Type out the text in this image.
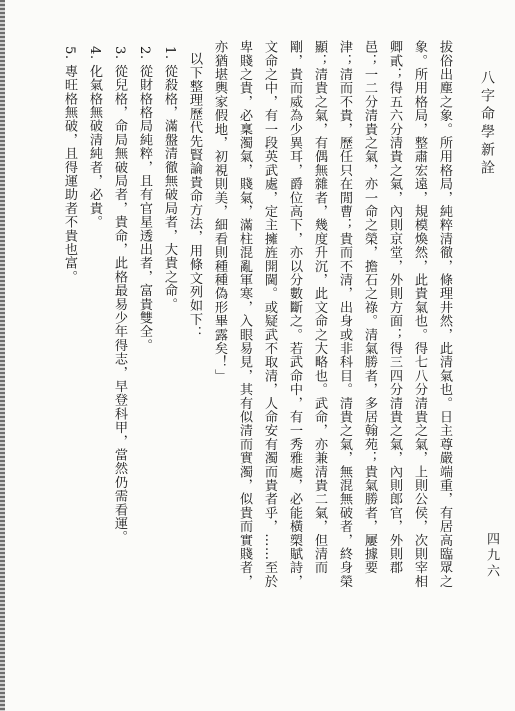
八字命學新詮
四九六

拔俗出塵之象。所用格局，純粹清徹，條理井然，此清氣也。日主尊嚴端重，有居高臨眾之

象。所用格局，整肅宏遠，規模煥然，此貴氣也。得七八分清貴之氣，上則公侯，次則宰相

卿貳；得五六分清貴之氣，內則京堂，外則方面；得三四分清貴之氣，內則郎官，外則郡

邑；一二分清貴之氣，亦一命之榮，擔石之祿。清氣勝者，多居翰苑；貴氣勝者，屢據要

津；清而不貴，歷任只在閒曹；貴而不清，出身或非科目。清貴之氣，無混無破者，終身榮

顯；清貴之氣，有偶無雜者，幾度升沉，此文命之大略也。武命，亦兼清貴二氣，但清而

剛，貴而威為少異耳，爵位高下，亦以分數斷之。若武命中，有一秀雅處，必能橫槊賦詩，

文命之中，有一段英武處，定主擁旌開閫。或疑武不取清，人命安有濁而貴者乎，……至於

卑賤之貴，必稟濁氣，賤氣，滿柱混亂軍寒，入眼易見，其有似清而實濁，似貴而實賤者，

亦猶堪輿家假地，初視則美，細看則種種偽形畢露矣！」

以下整理歷代先賢論貴命方法，用條文列如下：

1. 從殺格，滿盤清徹無破局者，大貴之命。

2. 從財格格局純粹，且有官星透出者，富貴雙全。

3. 從兒格，命局無破局者，貴命，此格最易少年得志，早登科甲，當然仍需看運。

4. 化氣格無破清純者，必貴。

5. 專旺格無破，且得運助者不貴也富。
